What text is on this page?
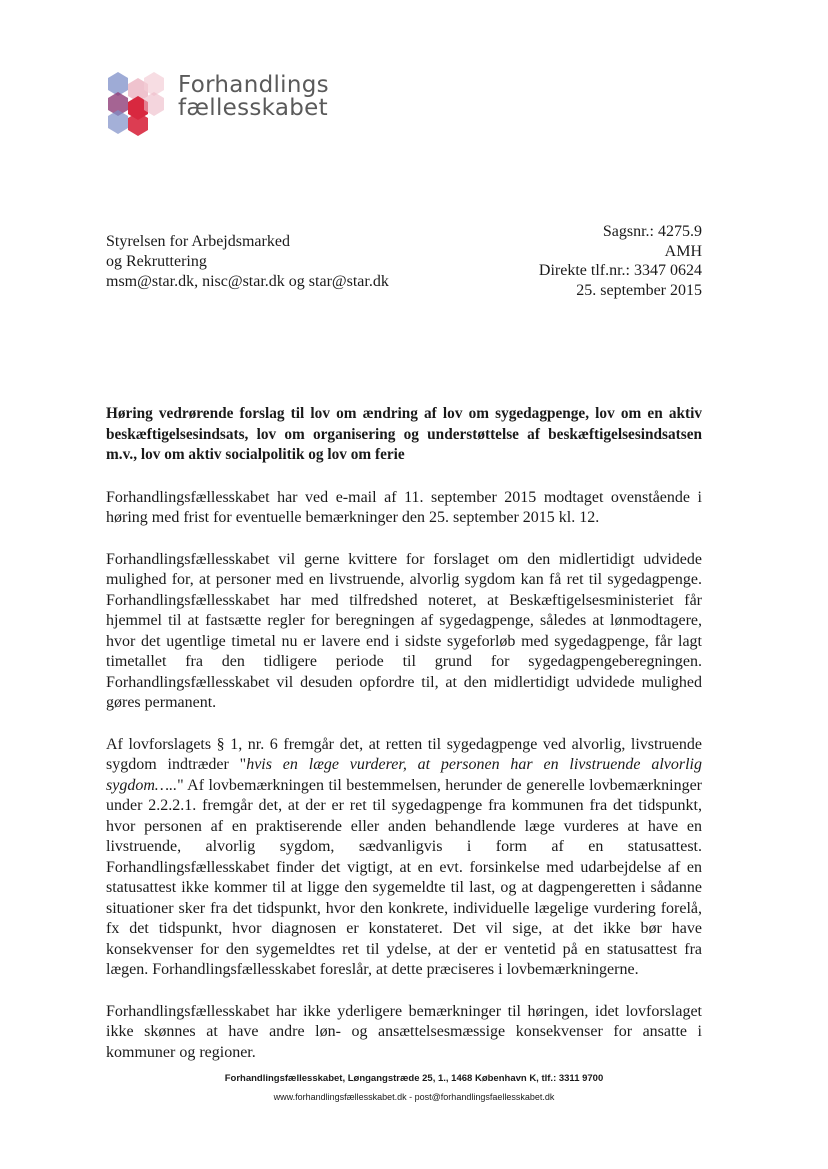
Forhandlings
fællesskabet
Styrelsen for Arbejdsmarked
og Rekruttering
msm@star.dk, nisc@star.dk og star@star.dk
Sagsnr.: 4275.9
AMH
Direkte tlf.nr.: 3347 0624
25. september 2015

Høring vedrørende forslag til lov om ændring af lov om sygedagpenge, lov om en aktiv beskæftigelsesindsats, lov om organisering og understøttelse af beskæftigelsesindsatsen m.v., lov om aktiv socialpolitik og lov om ferie

Forhandlingsfællesskabet har ved e-mail af 11. september 2015 modtaget ovenstående i høring med frist for eventuelle bemærkninger den 25. september 2015 kl. 12.

Forhandlingsfællesskabet vil gerne kvittere for forslaget om den midlertidigt udvidede mulighed for, at personer med en livstruende, alvorlig sygdom kan få ret til sygedagpenge. Forhandlingsfællesskabet har med tilfredshed noteret, at Beskæftigelsesministeriet får hjemmel til at fastsætte regler for beregningen af sygedagpenge, således at lønmodtagere, hvor det ugentlige timetal nu er lavere end i sidste sygeforløb med sygedagpenge, får lagt timetallet fra den tidligere periode til grund for sygedagpengeberegningen. Forhandlingsfællesskabet vil desuden opfordre til, at den midlertidigt udvidede mulighed gøres permanent.

Af lovforslagets § 1, nr. 6 fremgår det, at retten til sygedagpenge ved alvorlig, livstruende sygdom indtræder "hvis en læge vurderer, at personen har en livstruende alvorlig sygdom….." Af lovbemærkningen til bestemmelsen, herunder de generelle lovbemærkninger under 2.2.2.1. fremgår det, at der er ret til sygedagpenge fra kommunen fra det tidspunkt, hvor personen af en praktiserende eller anden behandlende læge vurderes at have en livstruende, alvorlig sygdom, sædvanligvis i form af en statusattest. Forhandlingsfællesskabet finder det vigtigt, at en evt. forsinkelse med udarbejdelse af en statusattest ikke kommer til at ligge den sygemeldte til last, og at dagpengeretten i sådanne situationer sker fra det tidspunkt, hvor den konkrete, individuelle lægelige vurdering forelå, fx det tidspunkt, hvor diagnosen er konstateret. Det vil sige, at det ikke bør have konsekvenser for den sygemeldtes ret til ydelse, at der er ventetid på en statusattest fra lægen. Forhandlingsfællesskabet foreslår, at dette præciseres i lovbemærkningerne.

Forhandlingsfællesskabet har ikke yderligere bemærkninger til høringen, idet lovforslaget ikke skønnes at have andre løn- og ansættelsesmæssige konsekvenser for ansatte i kommuner og regioner.

Forhandlingsfællesskabet, Løngangstræde 25, 1., 1468 København K, tlf.: 3311 9700
www.forhandlingsfællesskabet.dk - post@forhandlingsfaellesskabet.dk
